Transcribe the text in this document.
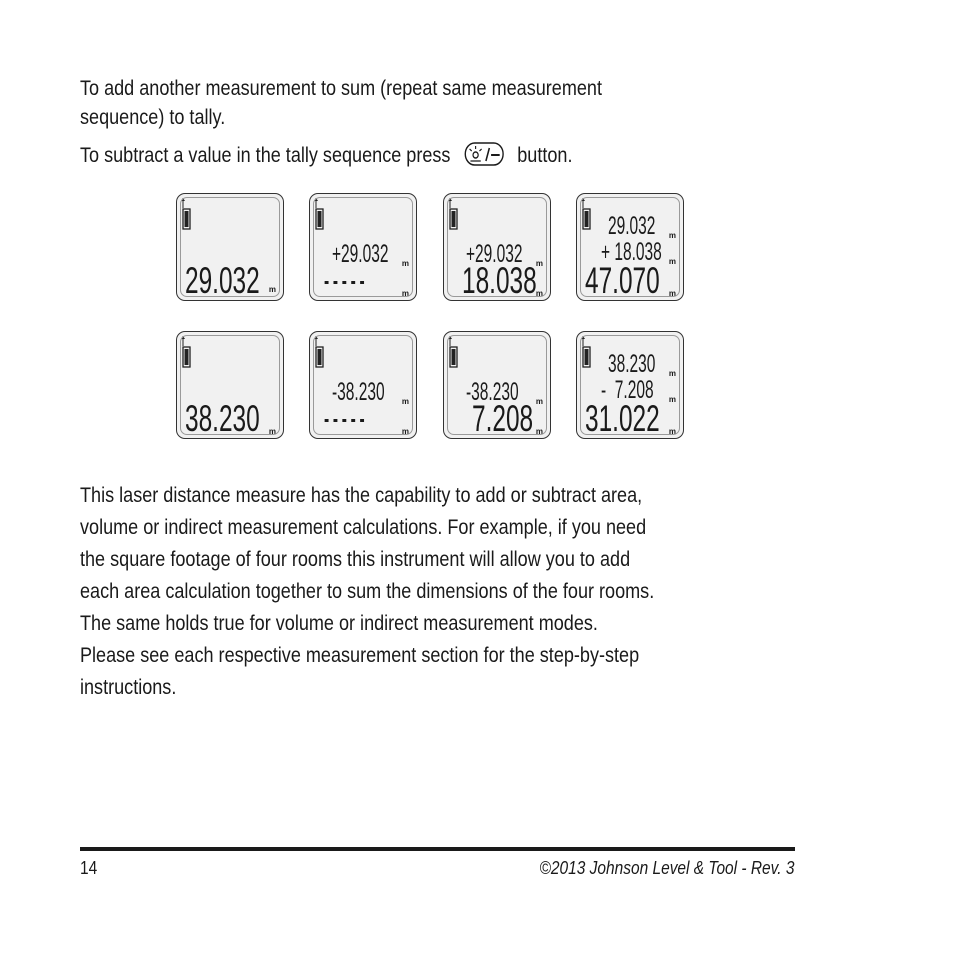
To add another measurement to sum (repeat same measurement
sequence) to tally.
To subtract a value in the tally sequence press	button.
29.032 m
+29.032 m
-----	m
+29.032 m
18.038 m
29.032 m
+ 18.038 m
47.070 m
38.230 m
-38.230 m
-----	m
-38.230 m
7.208 m
38.230 m
-  7.208 m
31.022 m
This laser distance measure has the capability to add or subtract area,
volume or indirect measurement calculations. For example, if you need
the square footage of four rooms this instrument will allow you to add
each area calculation together to sum the dimensions of the four rooms.
The same holds true for volume or indirect measurement modes.
Please see each respective measurement section for the step-by-step
instructions.
14	©2013 Johnson Level & Tool - Rev. 3
